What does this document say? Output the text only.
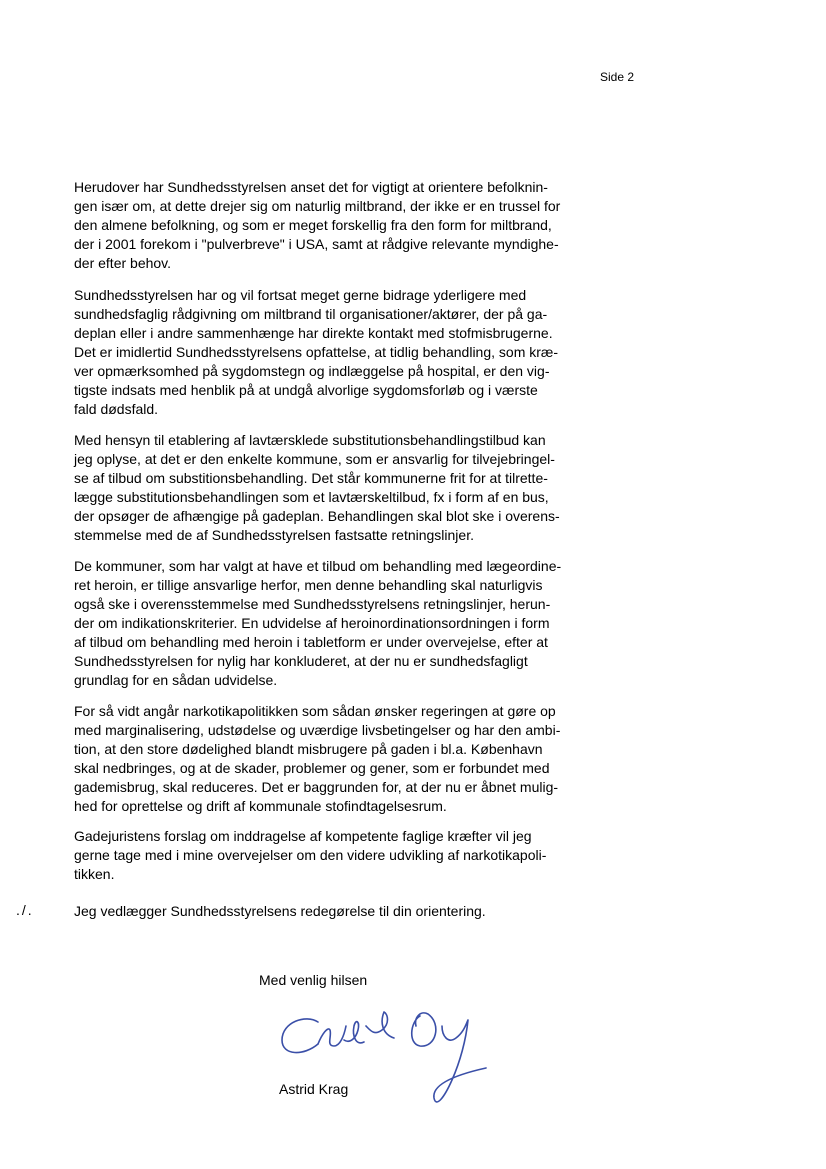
Side 2
Herudover har Sundhedsstyrelsen anset det for vigtigt at orientere befolknin-
gen især om, at dette drejer sig om naturlig miltbrand, der ikke er en trussel for
den almene befolkning, og som er meget forskellig fra den form for miltbrand,
der i 2001 forekom i "pulverbreve" i USA, samt at rådgive relevante myndighe-
der efter behov.
Sundhedsstyrelsen har og vil fortsat meget gerne bidrage yderligere med
sundhedsfaglig rådgivning om miltbrand til organisationer/aktører, der på ga-
deplan eller i andre sammenhænge har direkte kontakt med stofmisbrugerne.
Det er imidlertid Sundhedsstyrelsens opfattelse, at tidlig behandling, som kræ-
ver opmærksomhed på sygdomstegn og indlæggelse på hospital, er den vig-
tigste indsats med henblik på at undgå alvorlige sygdomsforløb og i værste
fald dødsfald.
Med hensyn til etablering af lavtærsklede substitutionsbehandlingstilbud kan
jeg oplyse, at det er den enkelte kommune, som er ansvarlig for tilvejebringel-
se af tilbud om substitionsbehandling. Det står kommunerne frit for at tilrette-
lægge substitutionsbehandlingen som et lavtærskeltilbud, fx i form af en bus,
der opsøger de afhængige på gadeplan. Behandlingen skal blot ske i overens-
stemmelse med de af Sundhedsstyrelsen fastsatte retningslinjer.
De kommuner, som har valgt at have et tilbud om behandling med lægeordine-
ret heroin, er tillige ansvarlige herfor, men denne behandling skal naturligvis
også ske i overensstemmelse med Sundhedsstyrelsens retningslinjer, herun-
der om indikationskriterier. En udvidelse af heroinordinationsordningen i form
af tilbud om behandling med heroin i tabletform er under overvejelse, efter at
Sundhedsstyrelsen for nylig har konkluderet, at der nu er sundhedsfagligt
grundlag for en sådan udvidelse.
For så vidt angår narkotikapolitikken som sådan ønsker regeringen at gøre op
med marginalisering, udstødelse og uværdige livsbetingelser og har den ambi-
tion, at den store dødelighed blandt misbrugere på gaden i bl.a. København
skal nedbringes, og at de skader, problemer og gener, som er forbundet med
gademisbrug, skal reduceres. Det er baggrunden for, at der nu er åbnet mulig-
hed for oprettelse og drift af kommunale stofindtagelsesrum.
Gadejuristens forslag om inddragelse af kompetente faglige kræfter vil jeg
gerne tage med i mine overvejelser om den videre udvikling af narkotikapoli-
tikken.
./.	Jeg vedlægger Sundhedsstyrelsens redegørelse til din orientering.
Med venlig hilsen
Astrid Krag
